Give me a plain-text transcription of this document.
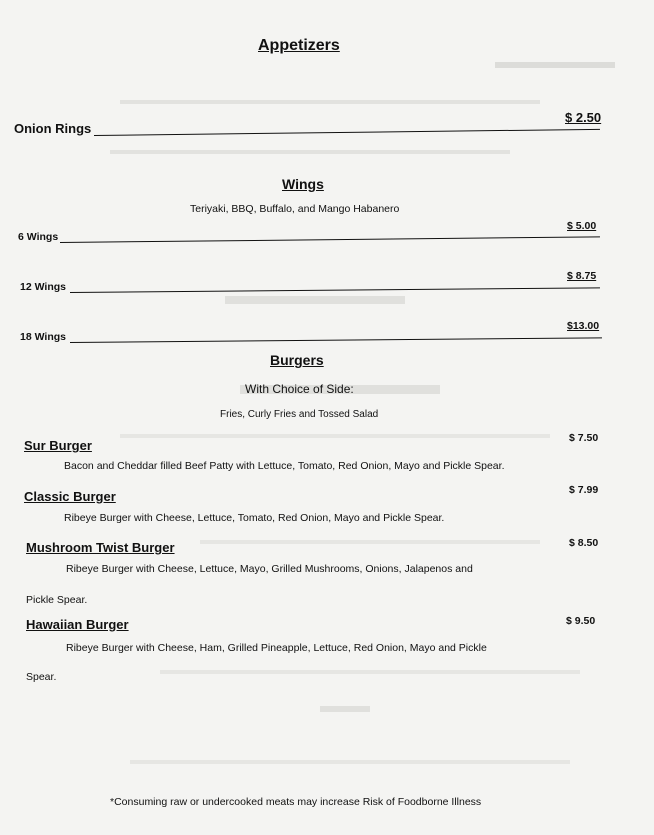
Appetizers
Onion Rings
$ 2.50
Wings
Teriyaki, BBQ, Buffalo, and Mango Habanero
6 Wings
$ 5.00
12 Wings
$ 8.75
18 Wings
$13.00
Burgers
With Choice of Side:
Fries, Curly Fries and Tossed Salad
Sur Burger	$ 7.50
Bacon and Cheddar filled Beef Patty with Lettuce, Tomato, Red Onion, Mayo and Pickle Spear.
Classic Burger	$ 7.99
Ribeye Burger with Cheese, Lettuce, Tomato, Red Onion, Mayo and Pickle Spear.
Mushroom Twist Burger	$ 8.50
Ribeye Burger with Cheese, Lettuce, Mayo, Grilled Mushrooms, Onions, Jalapenos and
Pickle Spear.
Hawaiian Burger	$ 9.50
Ribeye Burger with Cheese, Ham, Grilled Pineapple, Lettuce, Red Onion, Mayo and Pickle
Spear.
*Consuming raw or undercooked meats may increase Risk of Foodborne Illness
